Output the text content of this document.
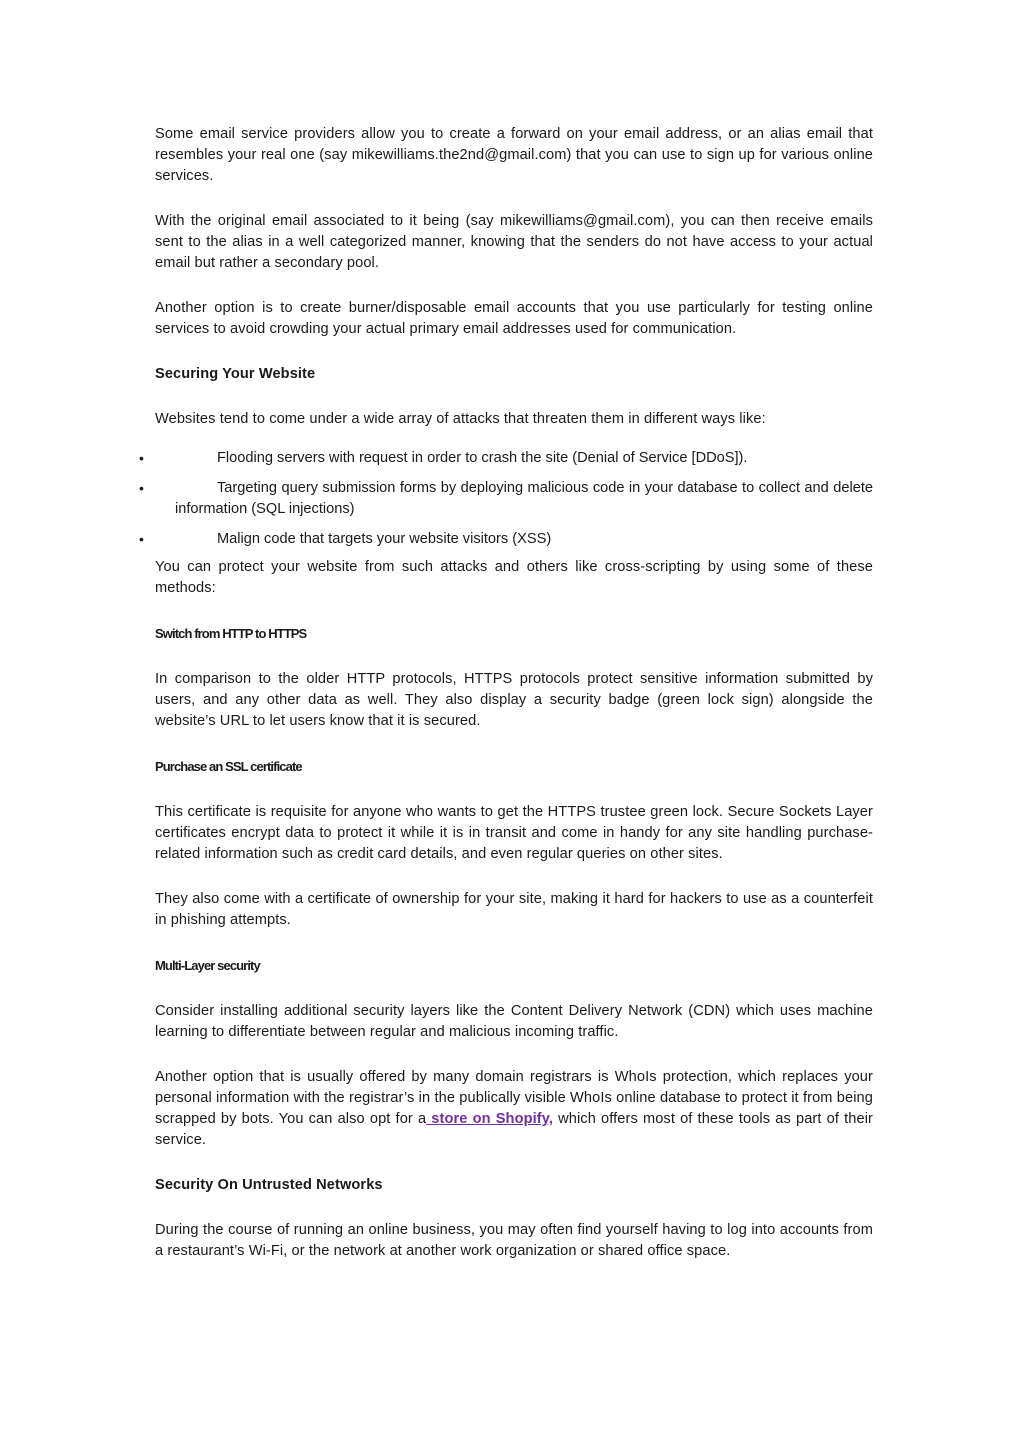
Some email service providers allow you to create a forward on your email address, or an alias email that resembles your real one (say mikewilliams.the2nd@gmail.com) that you can use to sign up for various online services.

With the original email associated to it being (say mikewilliams@gmail.com), you can then receive emails sent to the alias in a well categorized manner, knowing that the senders do not have access to your actual email but rather a secondary pool.

Another option is to create burner/disposable email accounts that you use particularly for testing online services to avoid crowding your actual primary email addresses used for communication.

Securing Your Website

Websites tend to come under a wide array of attacks that threaten them in different ways like:

•	Flooding servers with request in order to crash the site (Denial of Service [DDoS]).
•	Targeting query submission forms by deploying malicious code in your database to collect and delete information (SQL injections)
•	Malign code that targets your website visitors (XSS)

You can protect your website from such attacks and others like cross-scripting by using some of these methods:

Switch from HTTP to HTTPS

In comparison to the older HTTP protocols, HTTPS protocols protect sensitive information submitted by users, and any other data as well. They also display a security badge (green lock sign) alongside the website’s URL to let users know that it is secured.

Purchase an SSL certificate

This certificate is requisite for anyone who wants to get the HTTPS trustee green lock. Secure Sockets Layer certificates encrypt data to protect it while it is in transit and come in handy for any site handling purchase-related information such as credit card details, and even regular queries on other sites.

They also come with a certificate of ownership for your site, making it hard for hackers to use as a counterfeit in phishing attempts.

Multi-Layer security

Consider installing additional security layers like the Content Delivery Network (CDN) which uses machine learning to differentiate between regular and malicious incoming traffic.

Another option that is usually offered by many domain registrars is WhoIs protection, which replaces your personal information with the registrar’s in the publically visible WhoIs online database to protect it from being scrapped by bots. You can also opt for a store on Shopify, which offers most of these tools as part of their service.

Security On Untrusted Networks

During the course of running an online business, you may often find yourself having to log into accounts from a restaurant’s Wi-Fi, or the network at another work organization or shared office space.
